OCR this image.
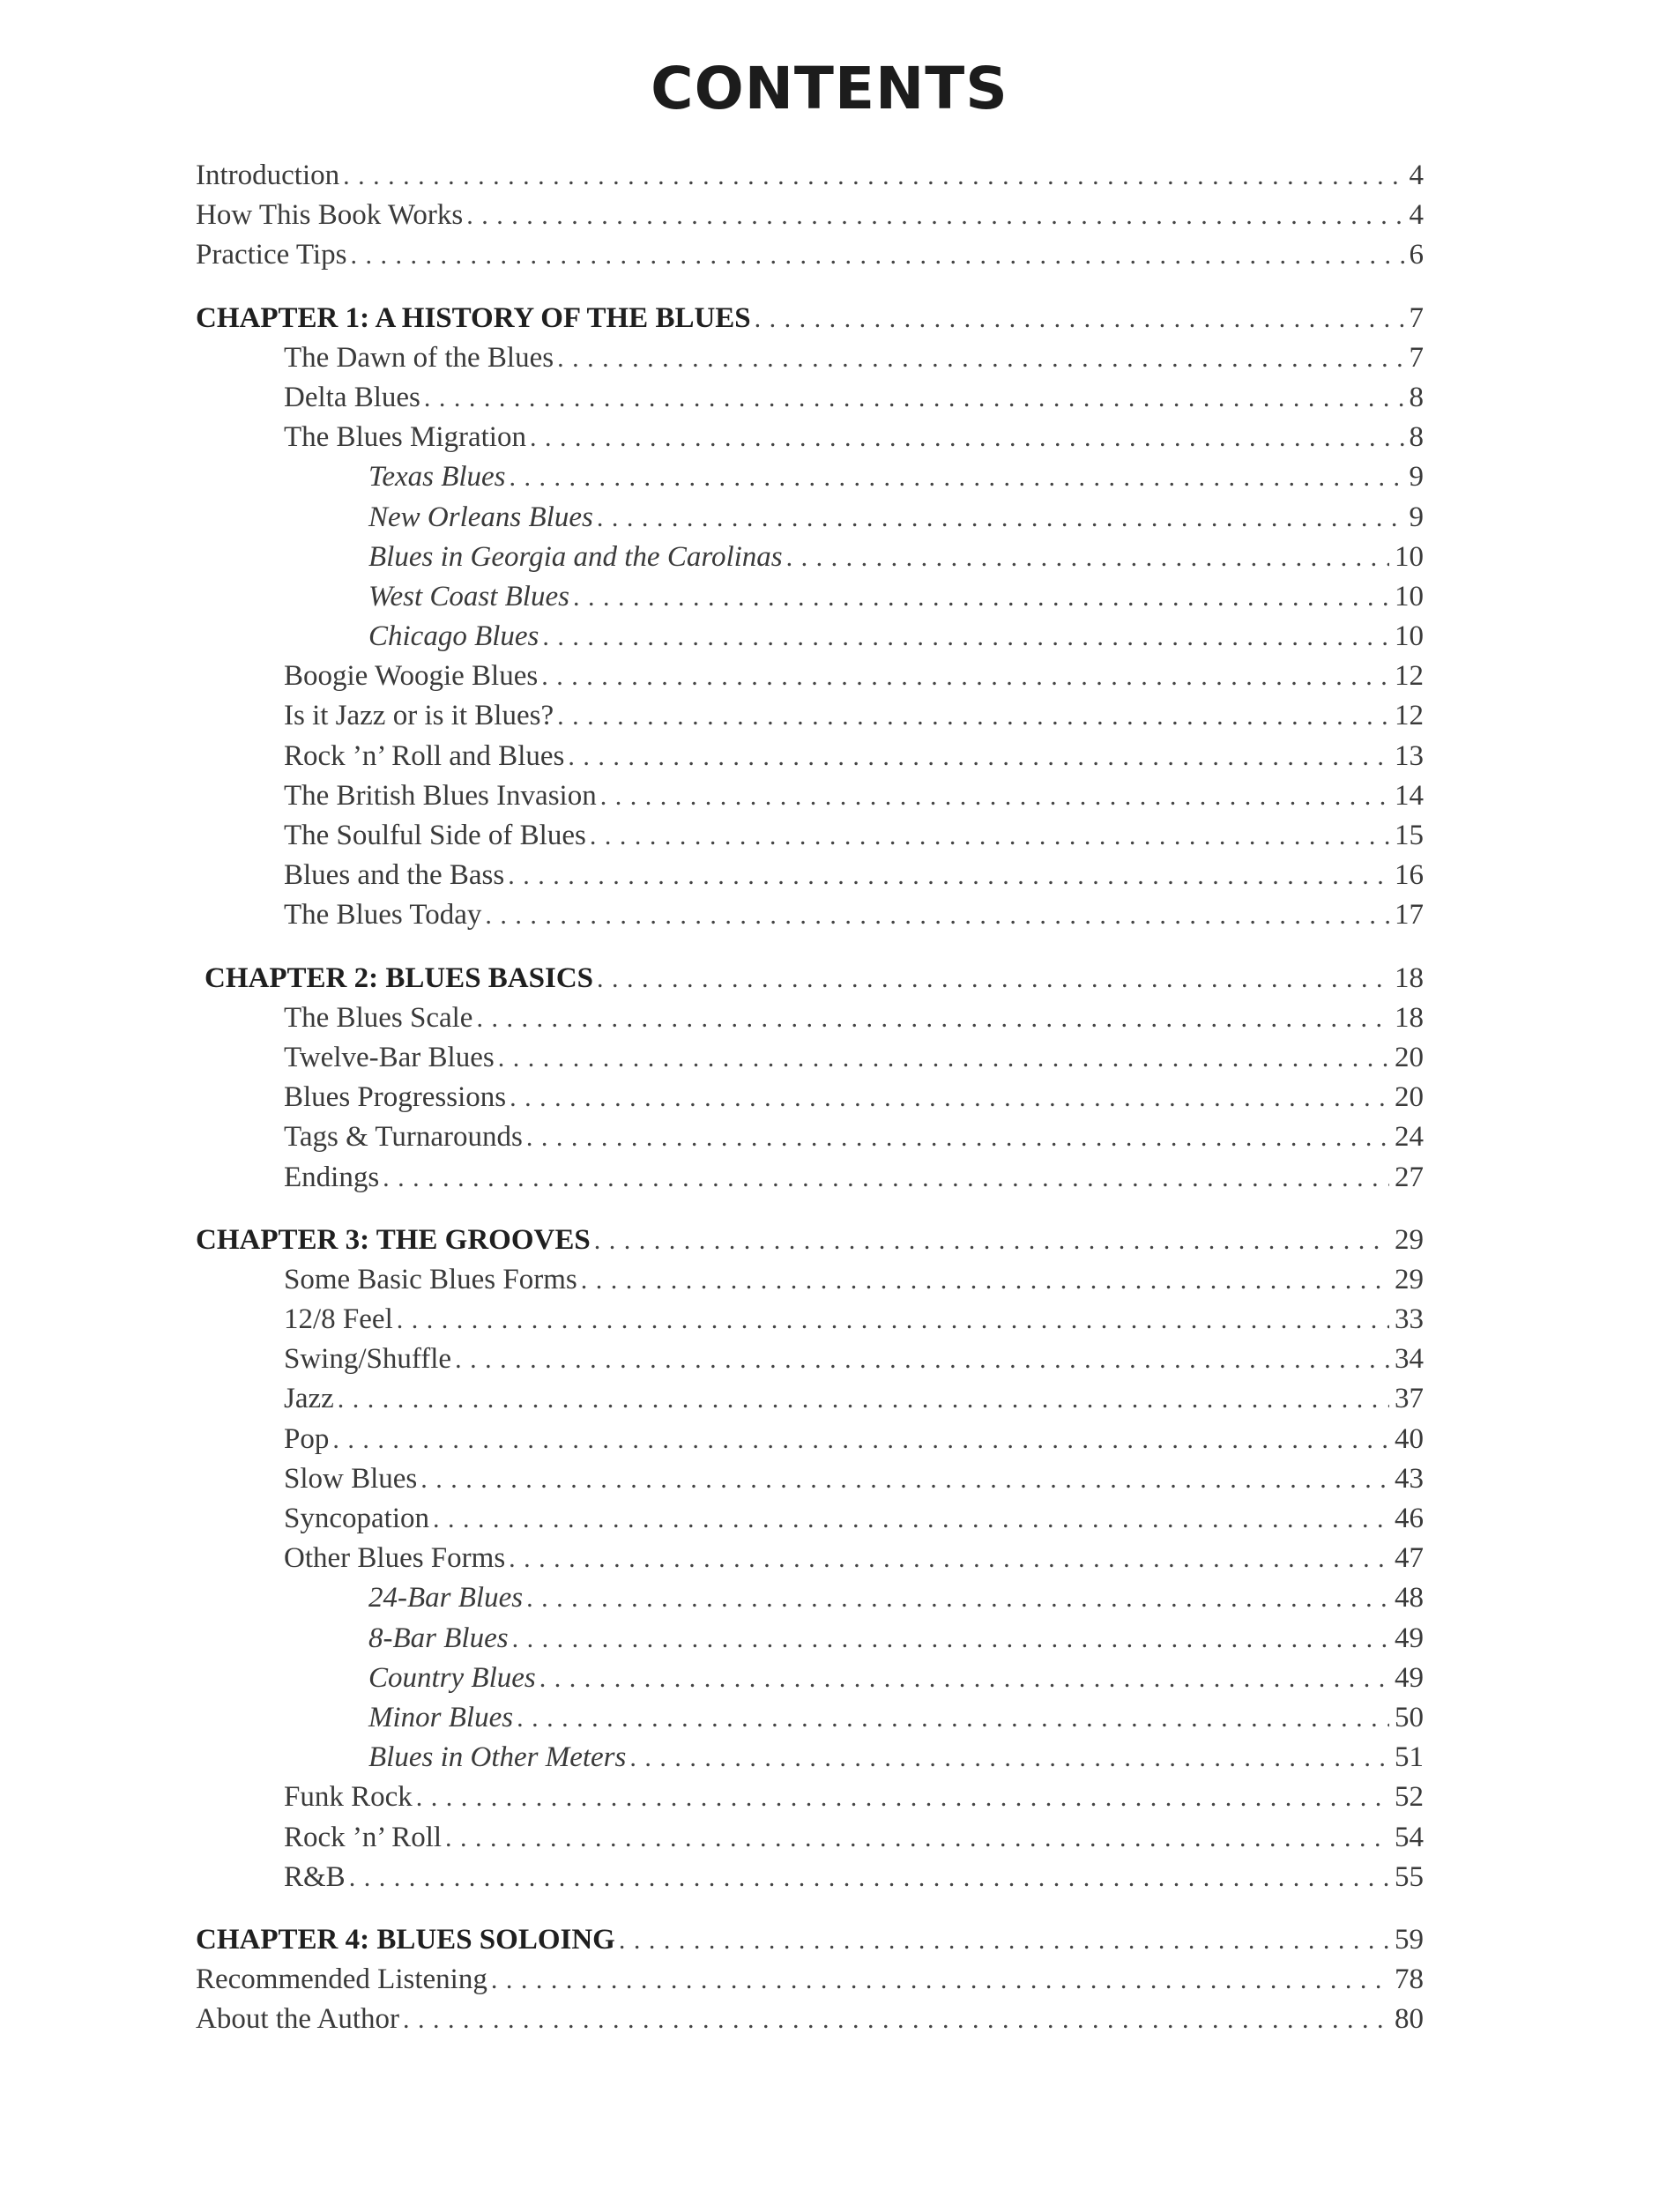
CONTENTS
Introduction . . .	4
How This Book Works . . .	4
Practice Tips . . .	6
CHAPTER 1: A HISTORY OF THE BLUES . . .	7
The Dawn of the Blues . . .	7
Delta Blues . . .	8
The Blues Migration . . .	8
Texas Blues . . .	9
New Orleans Blues . . .	9
Blues in Georgia and the Carolinas . . .	10
West Coast Blues . . .	10
Chicago Blues . . .	10
Boogie Woogie Blues . . .	12
Is it Jazz or is it Blues? . . .	12
Rock ’n’ Roll and Blues . . .	13
The British Blues Invasion . . .	14
The Soulful Side of Blues . . .	15
Blues and the Bass . . .	16
The Blues Today . . .	17
CHAPTER 2: BLUES BASICS . . .	18
The Blues Scale . . .	18
Twelve-Bar Blues . . .	20
Blues Progressions . . .	20
Tags & Turnarounds . . .	24
Endings . . .	27
CHAPTER 3: THE GROOVES . . .	29
Some Basic Blues Forms . . .	29
12/8 Feel . . .	33
Swing/Shuffle . . .	34
Jazz . . .	37
Pop . . .	40
Slow Blues . . .	43
Syncopation . . .	46
Other Blues Forms . . .	47
24-Bar Blues . . .	48
8-Bar Blues . . .	49
Country Blues . . .	49
Minor Blues . . .	50
Blues in Other Meters . . .	51
Funk Rock . . .	52
Rock ’n’ Roll . . .	54
R&B . . .	55
CHAPTER 4: BLUES SOLOING . . .	59
Recommended Listening . . .	78
About the Author . . .	80
